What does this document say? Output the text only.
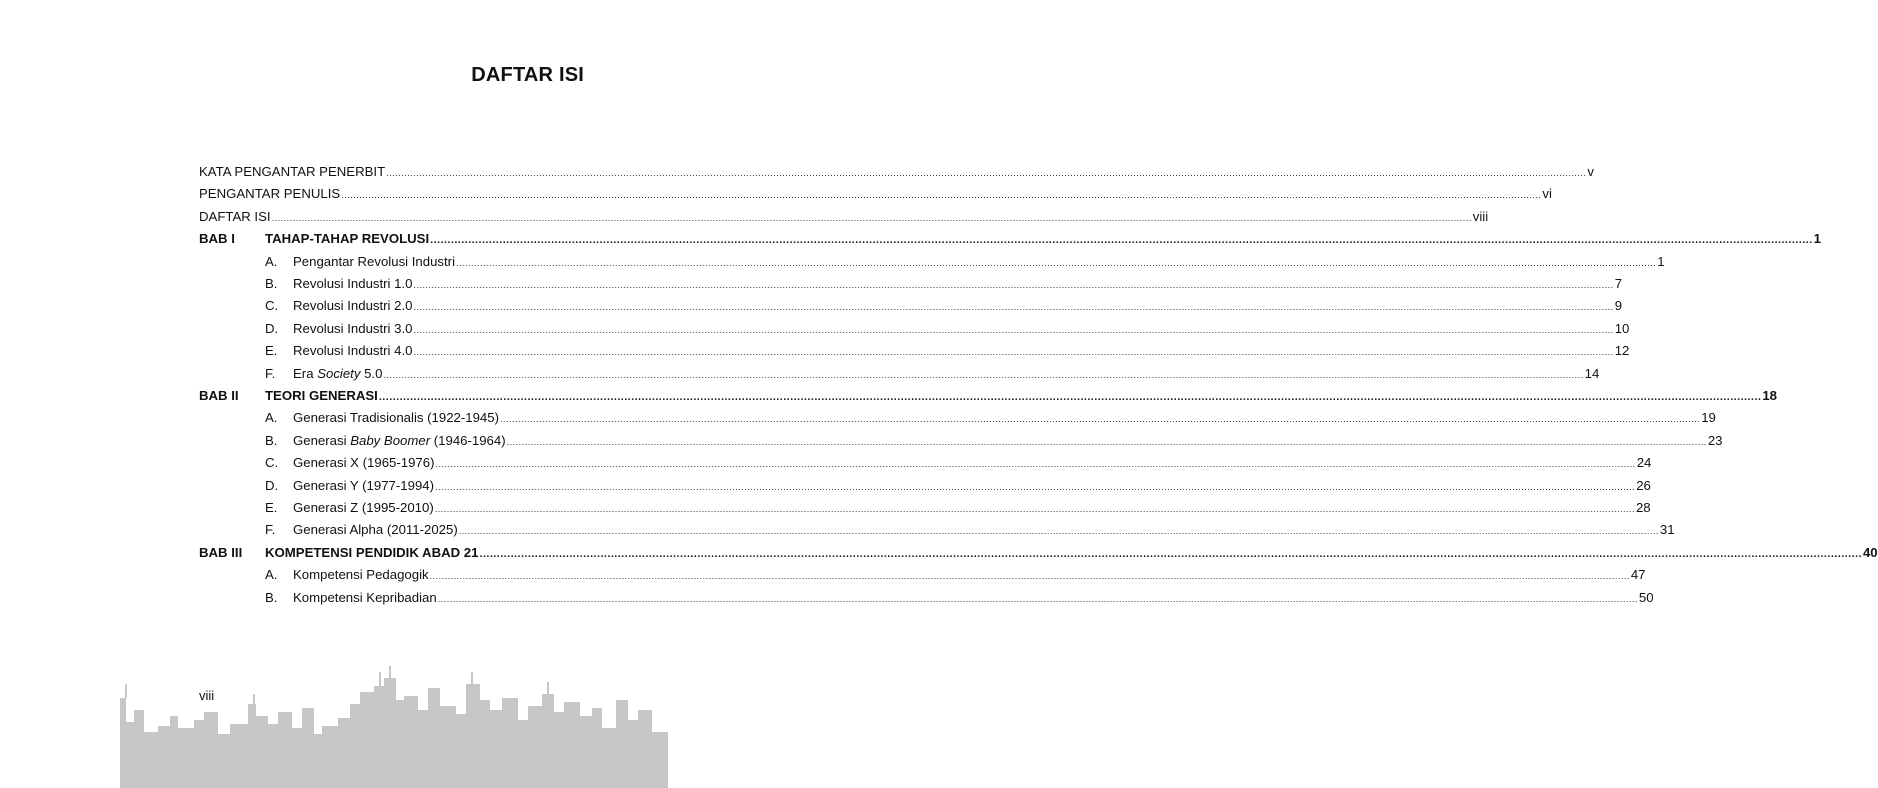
DAFTAR ISI
KATA PENGANTAR PENERBIT ................................................................................................................................................................................................................................................................................................................................................................................................................ v
PENGANTAR PENULIS ................................................................................................................................................................................................................................................................................................................................................................................................................ vi
DAFTAR ISI ................................................................................................................................................................................................................................................................................................................................................................................................................ viii
BAB I	TAHAP-TAHAP REVOLUSI ................................................................................................................................................................................................................................................................................................................................................................................................................ 1
A.	Pengantar Revolusi Industri ................................................................................................................................................................................................................................................................................................................................................................................................................ 1
B.	Revolusi Industri 1.0 ................................................................................................................................................................................................................................................................................................................................................................................................................ 7
C.	Revolusi Industri 2.0 ................................................................................................................................................................................................................................................................................................................................................................................................................ 9
D.	Revolusi Industri 3.0 ................................................................................................................................................................................................................................................................................................................................................................................................................ 10
E.	Revolusi Industri 4.0 ................................................................................................................................................................................................................................................................................................................................................................................................................ 12
F.	Era Society 5.0 ................................................................................................................................................................................................................................................................................................................................................................................................................ 14
BAB II	TEORI GENERASI ................................................................................................................................................................................................................................................................................................................................................................................................................ 18
A.	Generasi Tradisionalis (1922-1945) ................................................................................................................................................................................................................................................................................................................................................................................................................ 19
B.	Generasi Baby Boomer (1946-1964) ................................................................................................................................................................................................................................................................................................................................................................................................................ 23
C.	Generasi X (1965-1976) ................................................................................................................................................................................................................................................................................................................................................................................................................ 24
D.	Generasi Y (1977-1994) ................................................................................................................................................................................................................................................................................................................................................................................................................ 26
E.	Generasi Z (1995-2010) ................................................................................................................................................................................................................................................................................................................................................................................................................ 28
F.	Generasi Alpha (2011-2025) ................................................................................................................................................................................................................................................................................................................................................................................................................ 31
BAB III	KOMPETENSI PENDIDIK ABAD 21 ................................................................................................................................................................................................................................................................................................................................................................................................................ 40
A.	Kompetensi Pedagogik ................................................................................................................................................................................................................................................................................................................................................................................................................ 47
B.	Kompetensi Kepribadian ................................................................................................................................................................................................................................................................................................................................................................................................................ 50
viii
